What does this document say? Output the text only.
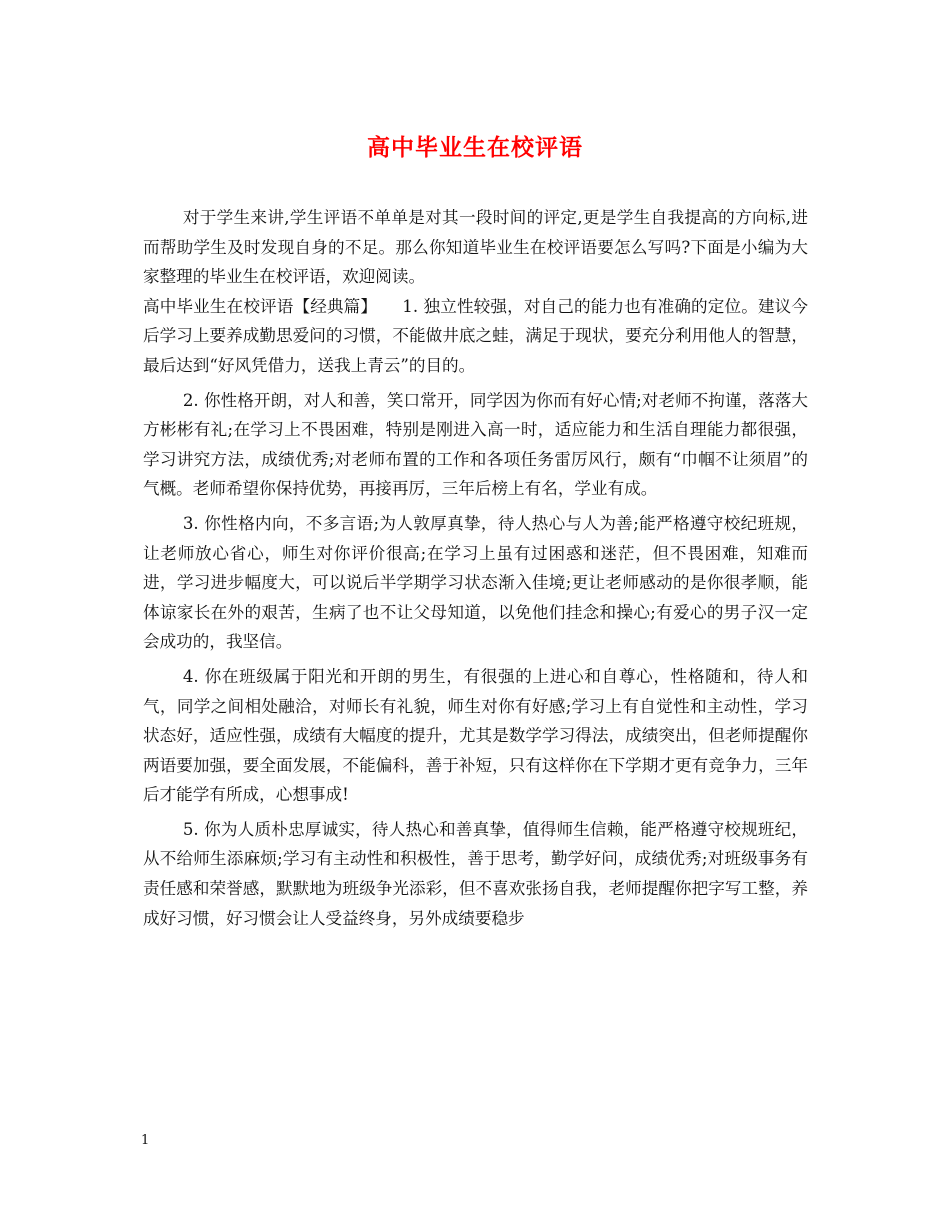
高中毕业生在校评语

对于学生来讲,学生评语不单单是对其一段时间的评定,更是学生自我提高的方向标,进而帮助学生及时发现自身的不足。那么你知道毕业生在校评语要怎么写吗?下面是小编为大家整理的毕业生在校评语，欢迎阅读。

高中毕业生在校评语【经典篇】　　1. 独立性较强，对自己的能力也有准确的定位。建议今后学习上要养成勤思爱问的习惯，不能做井底之蛙，满足于现状，要充分利用他人的智慧，最后达到“好风凭借力，送我上青云”的目的。

2. 你性格开朗，对人和善，笑口常开，同学因为你而有好心情;对老师不拘谨，落落大方彬彬有礼;在学习上不畏困难，特别是刚进入高一时，适应能力和生活自理能力都很强，学习讲究方法，成绩优秀;对老师布置的工作和各项任务雷厉风行，颇有“巾帼不让须眉”的气概。老师希望你保持优势，再接再厉，三年后榜上有名，学业有成。

3. 你性格内向，不多言语;为人敦厚真挚，待人热心与人为善;能严格遵守校纪班规，让老师放心省心，师生对你评价很高;在学习上虽有过困惑和迷茫，但不畏困难，知难而进，学习进步幅度大，可以说后半学期学习状态渐入佳境;更让老师感动的是你很孝顺，能体谅家长在外的艰苦，生病了也不让父母知道，以免他们挂念和操心;有爱心的男子汉一定会成功的，我坚信。

4. 你在班级属于阳光和开朗的男生，有很强的上进心和自尊心，性格随和，待人和气，同学之间相处融洽，对师长有礼貌，师生对你有好感;学习上有自觉性和主动性，学习状态好，适应性强，成绩有大幅度的提升，尤其是数学学习得法，成绩突出，但老师提醒你两语要加强，要全面发展，不能偏科，善于补短，只有这样你在下学期才更有竞争力，三年后才能学有所成，心想事成!

5. 你为人质朴忠厚诚实，待人热心和善真挚，值得师生信赖，能严格遵守校规班纪，从不给师生添麻烦;学习有主动性和积极性，善于思考，勤学好问，成绩优秀;对班级事务有责任感和荣誉感，默默地为班级争光添彩，但不喜欢张扬自我，老师提醒你把字写工整，养成好习惯，好习惯会让人受益终身，另外成绩要稳步

1
